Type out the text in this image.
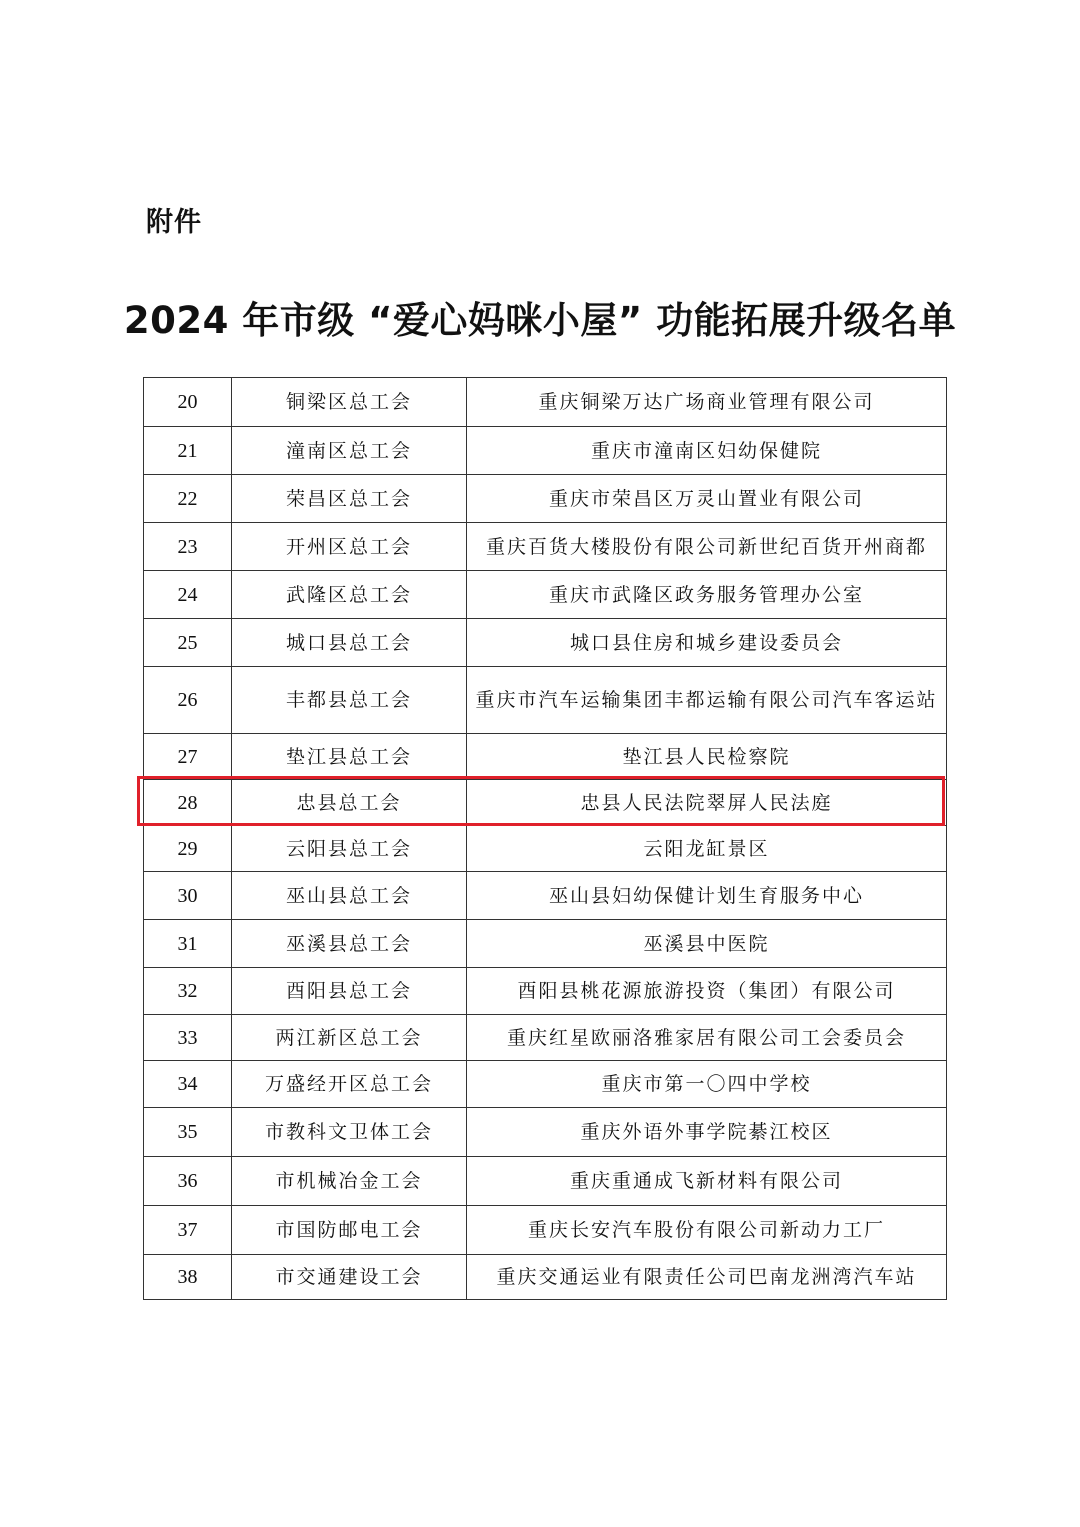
附件
2024 年市级 “爱心妈咪小屋” 功能拓展升级名单
20	铜梁区总工会	重庆铜梁万达广场商业管理有限公司
21	潼南区总工会	重庆市潼南区妇幼保健院
22	荣昌区总工会	重庆市荣昌区万灵山置业有限公司
23	开州区总工会	重庆百货大楼股份有限公司新世纪百货开州商都
24	武隆区总工会	重庆市武隆区政务服务管理办公室
25	城口县总工会	城口县住房和城乡建设委员会
26	丰都县总工会	重庆市汽车运输集团丰都运输有限公司汽车客运站
27	垫江县总工会	垫江县人民检察院
28	忠县总工会	忠县人民法院翠屏人民法庭
29	云阳县总工会	云阳龙缸景区
30	巫山县总工会	巫山县妇幼保健计划生育服务中心
31	巫溪县总工会	巫溪县中医院
32	酉阳县总工会	酉阳县桃花源旅游投资（集团）有限公司
33	两江新区总工会	重庆红星欧丽洛雅家居有限公司工会委员会
34	万盛经开区总工会	重庆市第一〇四中学校
35	市教科文卫体工会	重庆外语外事学院綦江校区
36	市机械冶金工会	重庆重通成飞新材料有限公司
37	市国防邮电工会	重庆长安汽车股份有限公司新动力工厂
38	市交通建设工会	重庆交通运业有限责任公司巴南龙洲湾汽车站
